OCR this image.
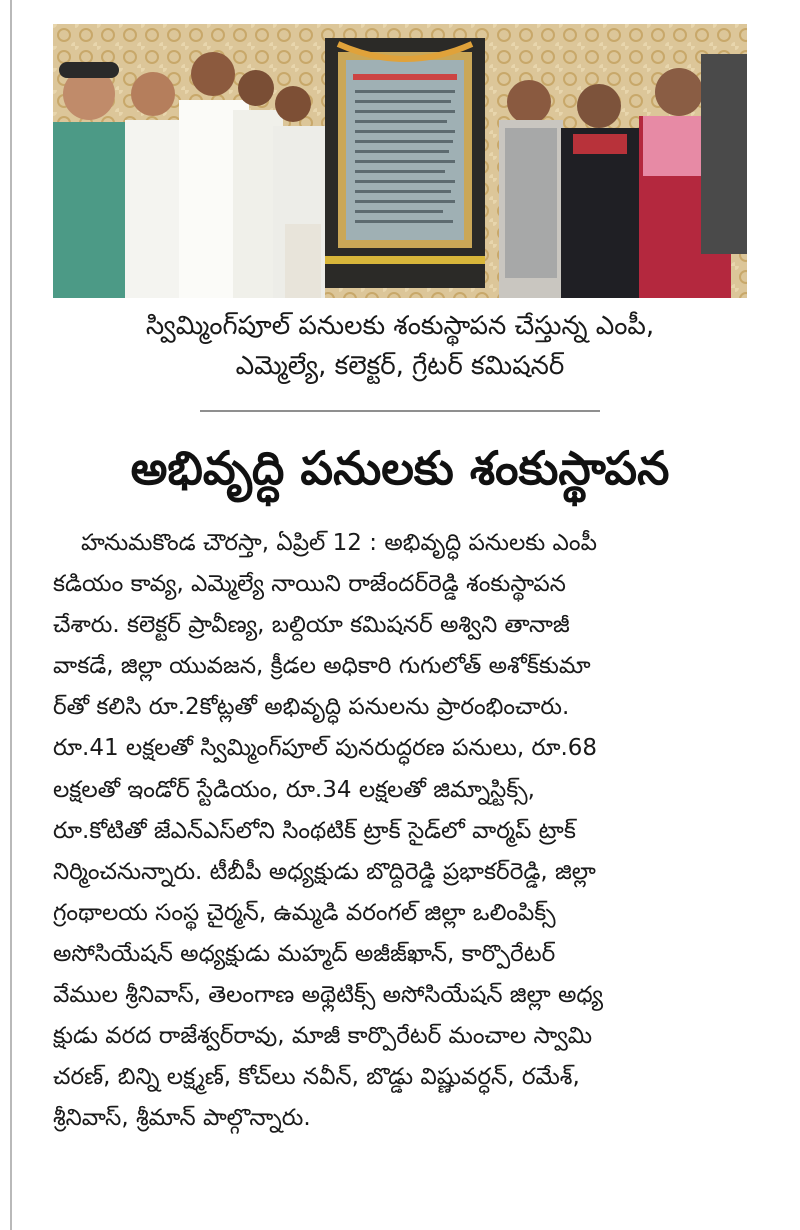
స్విమ్మింగ్‌పూల్ పనులకు శంకుస్థాపన చేస్తున్న ఎంపీ,
ఎమ్మెల్యే, కలెక్టర్, గ్రేటర్ కమిషనర్
అభివృద్ధి పనులకు శంకుస్థాపన
హనుమకొండ చౌరస్తా, ఏప్రిల్ 12 : అభివృద్ధి పనులకు ఎంపీ
కడియం కావ్య, ఎమ్మెల్యే నాయిని రాజేందర్‌రెడ్డి శంకుస్థాపన
చేశారు. కలెక్టర్ ప్రావీణ్య, బల్దియా కమిషనర్ అశ్విని తానాజీ
వాకడే, జిల్లా యువజన, క్రీడల అధికారి గుగులోత్ అశోక్‌కుమా
ర్‌తో కలిసి రూ.2కోట్లతో అభివృద్ధి పనులను ప్రారంభించారు.
రూ.41 లక్షలతో స్విమ్మింగ్‌పూల్ పునరుద్ధరణ పనులు, రూ.68
లక్షలతో ఇండోర్ స్టేడియం, రూ.34 లక్షలతో జిమ్నాస్టిక్స్,
రూ.కోటితో జేఎన్ఎస్‌లోని సింథటిక్ ట్రాక్ సైడ్‌లో వార్మప్ ట్రాక్
నిర్మించనున్నారు. టీబీపీ అధ్యక్షుడు బొద్దిరెడ్డి ప్రభాకర్‌రెడ్డి, జిల్లా
గ్రంథాలయ సంస్థ చైర్మన్, ఉమ్మడి వరంగల్ జిల్లా ఒలింపిక్స్
అసోసియేషన్ అధ్యక్షుడు మహ్మద్ అజీజ్‌ఖాన్, కార్పొరేటర్
వేముల శ్రీనివాస్, తెలంగాణ అథ్లెటిక్స్ అసోసియేషన్ జిల్లా అధ్య
క్షుడు వరద రాజేశ్వర్‌రావు, మాజీ కార్పొరేటర్ మంచాల స్వామి
చరణ్, బిన్ని లక్ష్మణ్, కోచ్‌లు నవీన్, బొడ్డు విష్ణువర్ధన్, రమేశ్,
శ్రీనివాస్, శ్రీమాన్ పాల్గొన్నారు.
